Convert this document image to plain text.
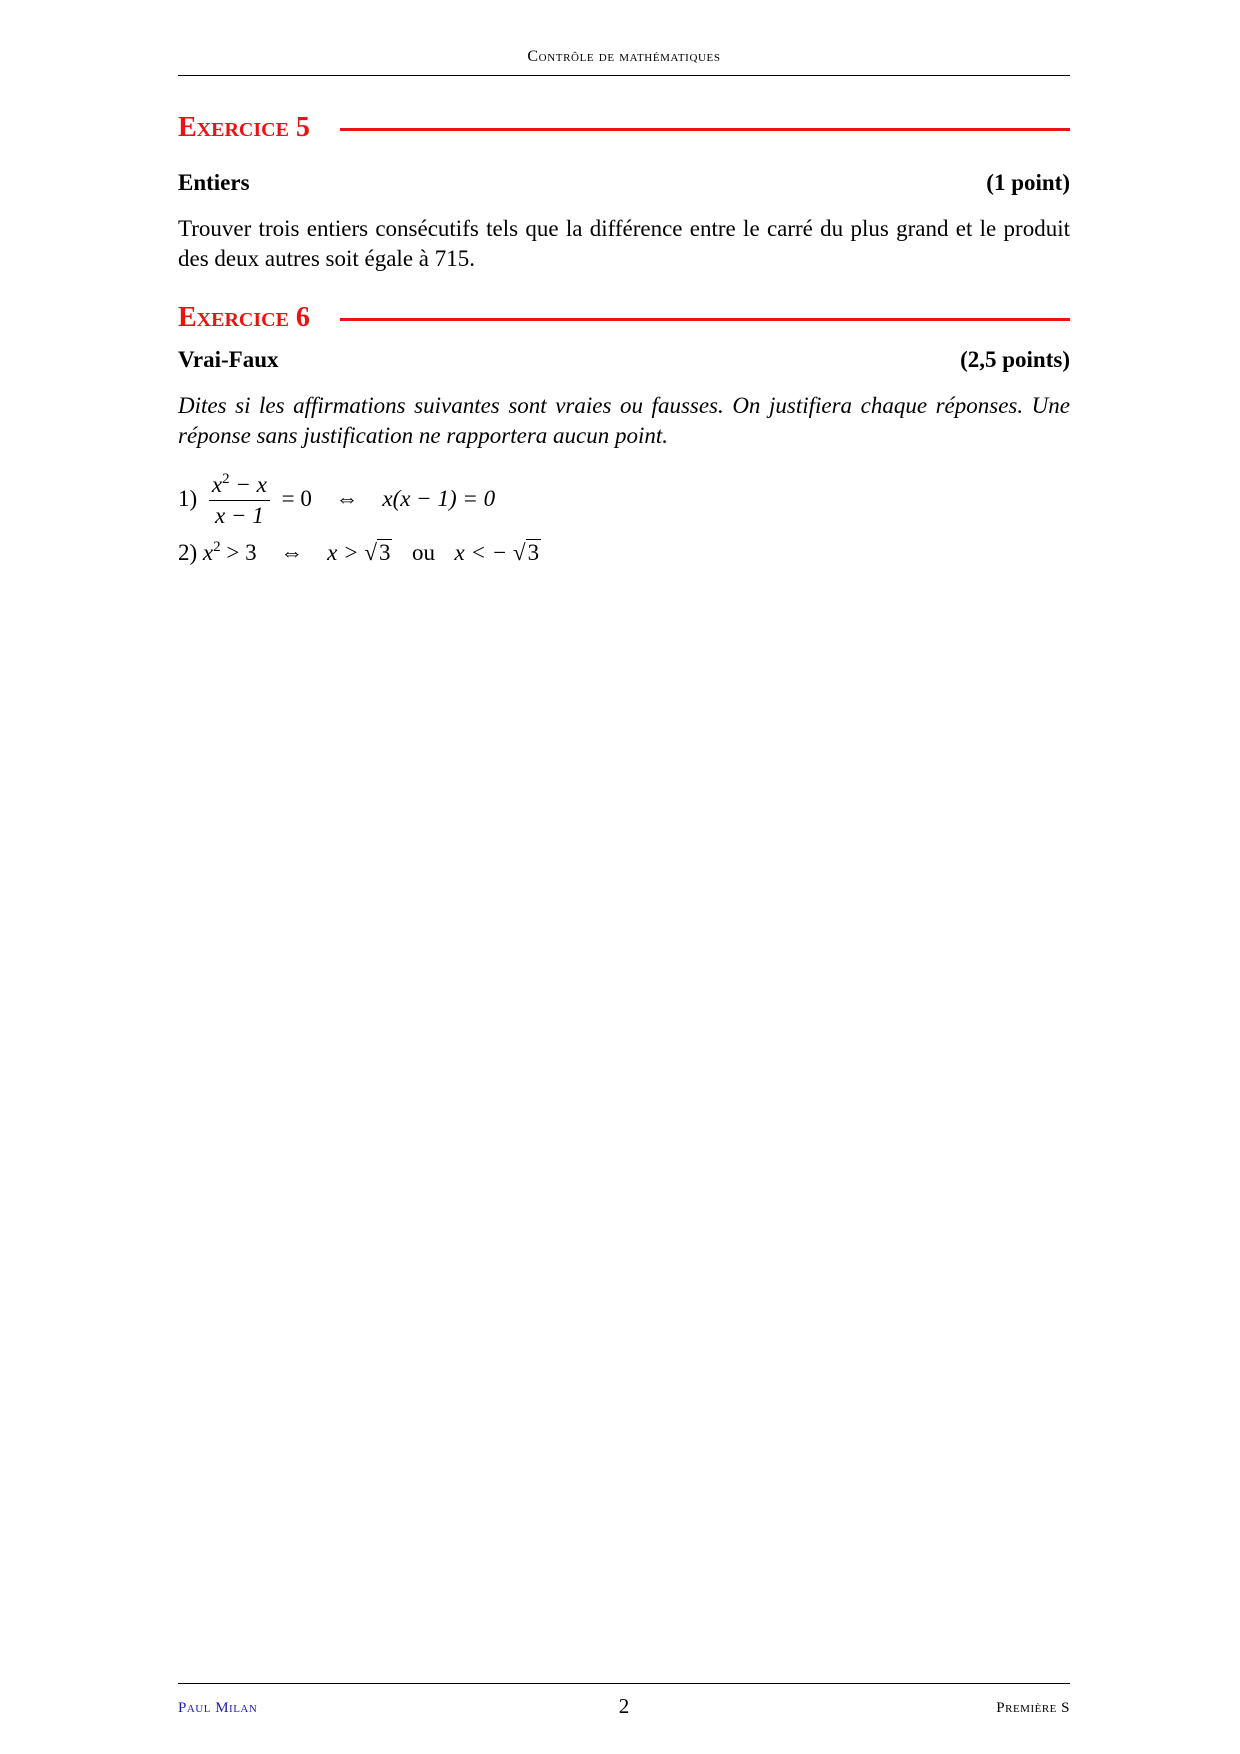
Contrôle de mathématiques
Exercice 5
Entiers	(1 point)
Trouver trois entiers consécutifs tels que la différence entre le carré du plus grand et le produit des deux autres soit égale à 715.
Exercice 6
Vrai-Faux	(2,5 points)
Dites si les affirmations suivantes sont vraies ou fausses. On justifiera chaque réponses. Une réponse sans justification ne rapportera aucun point.
$1) \frac{x^2 - x}{x - 1} = 0$ ⇔ x(x − 1) = 0
2) $x^2 > 3$ ⇔ x > √3 ou x < − √3
Paul Milan	2	Première S
